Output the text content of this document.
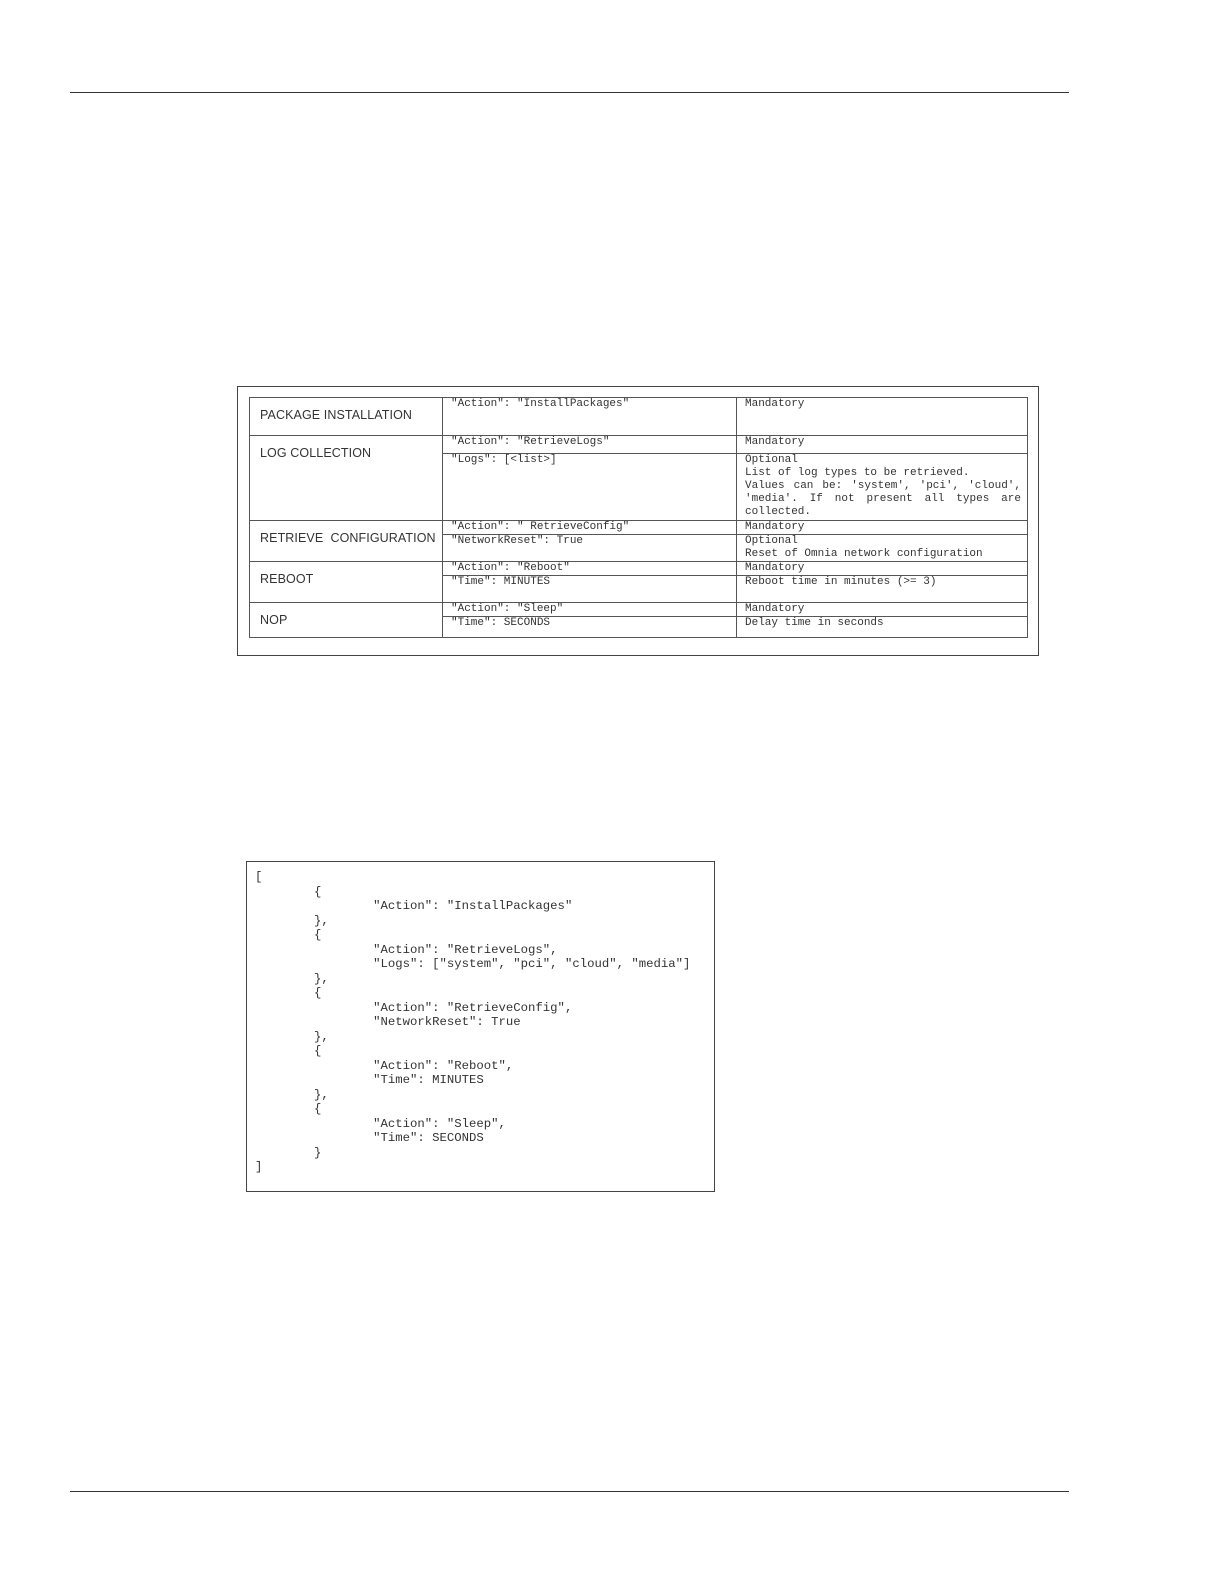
PACKAGE INSTALLATION	"Action": "InstallPackages"	Mandatory
LOG COLLECTION	"Action": "RetrieveLogs"	Mandatory
	"Logs": [<list>]	Optional
List of log types to be retrieved.
Values can be: 'system', 'pci', 'cloud', 'media'. If not present all types are collected.
RETRIEVE  CONFIGURATION	"Action": " RetrieveConfig"	Mandatory
	"NetworkReset": True	Optional
Reset of Omnia network configuration
REBOOT	"Action": "Reboot"	Mandatory
	"Time": MINUTES	Reboot time in minutes (>= 3)
NOP	"Action": "Sleep"	Mandatory
	"Time": SECONDS	Delay time in seconds
[
	{
		"Action": "InstallPackages"
	},
	{
		"Action": "RetrieveLogs",
		"Logs": ["system", "pci", "cloud", "media"]
	},
	{
		"Action": "RetrieveConfig",
		"NetworkReset": True
	},
	{
		"Action": "Reboot",
		"Time": MINUTES
	},
	{
		"Action": "Sleep",
		"Time": SECONDS
	}
]
